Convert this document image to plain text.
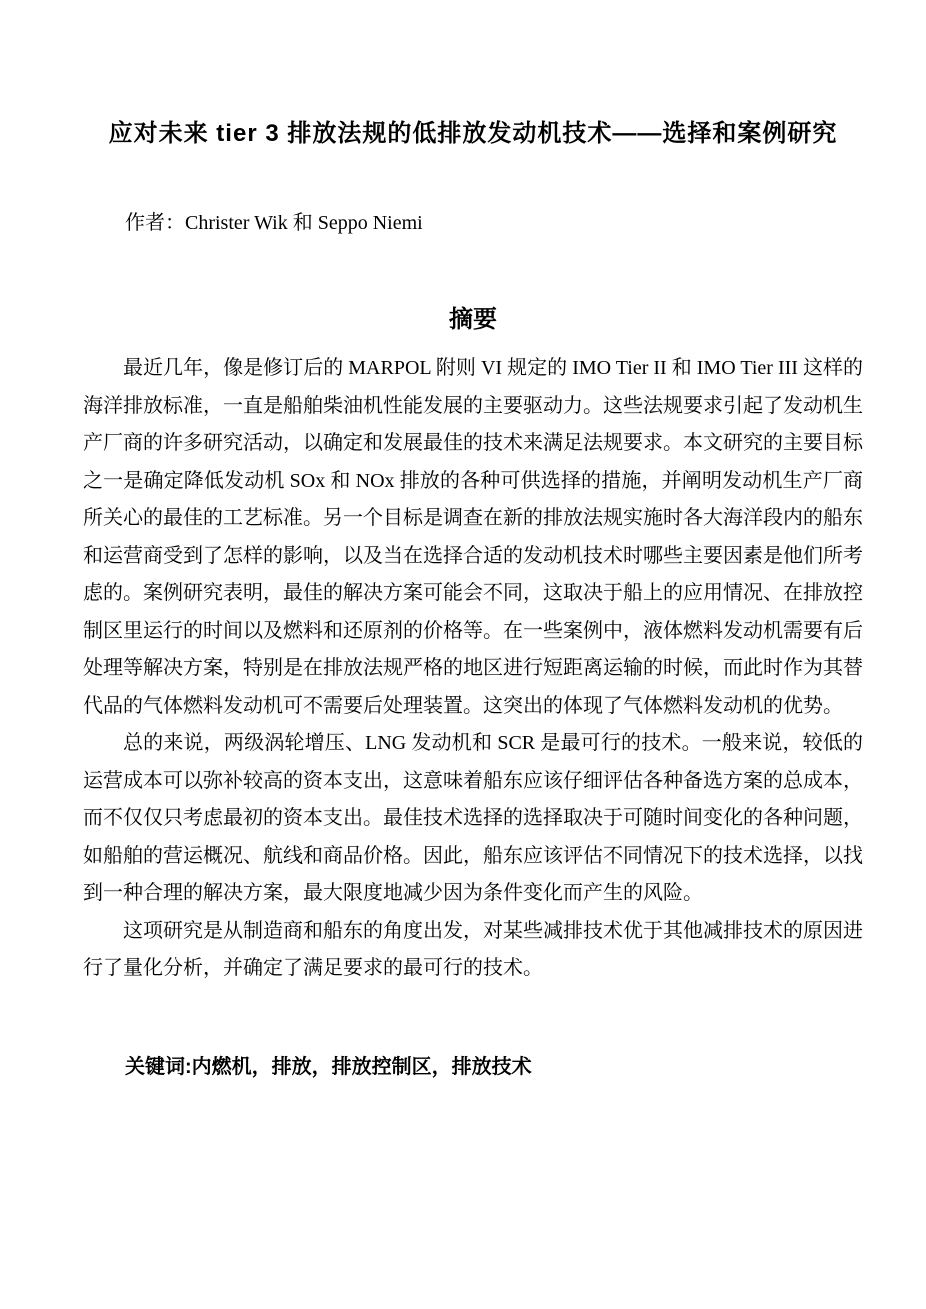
应对未来 tier 3 排放法规的低排放发动机技术——选择和案例研究

作者：Christer Wik 和 Seppo Niemi

摘要

最近几年，像是修订后的 MARPOL 附则 VI 规定的 IMO Tier II 和 IMO Tier III 这样的海洋排放标准，一直是船舶柴油机性能发展的主要驱动力。这些法规要求引起了发动机生产厂商的许多研究活动，以确定和发展最佳的技术来满足法规要求。本文研究的主要目标之一是确定降低发动机 SOx 和 NOx 排放的各种可供选择的措施，并阐明发动机生产厂商所关心的最佳的工艺标准。另一个目标是调查在新的排放法规实施时各大海洋段内的船东和运营商受到了怎样的影响，以及当在选择合适的发动机技术时哪些主要因素是他们所考虑的。案例研究表明，最佳的解决方案可能会不同，这取决于船上的应用情况、在排放控制区里运行的时间以及燃料和还原剂的价格等。在一些案例中，液体燃料发动机需要有后处理等解决方案，特别是在排放法规严格的地区进行短距离运输的时候，而此时作为其替代品的气体燃料发动机可不需要后处理装置。这突出的体现了气体燃料发动机的优势。

总的来说，两级涡轮增压、LNG 发动机和 SCR 是最可行的技术。一般来说，较低的运营成本可以弥补较高的资本支出，这意味着船东应该仔细评估各种备选方案的总成本，而不仅仅只考虑最初的资本支出。最佳技术选择的选择取决于可随时间变化的各种问题，如船舶的营运概况、航线和商品价格。因此，船东应该评估不同情况下的技术选择，以找到一种合理的解决方案，最大限度地减少因为条件变化而产生的风险。

这项研究是从制造商和船东的角度出发，对某些减排技术优于其他减排技术的原因进行了量化分析，并确定了满足要求的最可行的技术。

关键词:内燃机，排放，排放控制区，排放技术
